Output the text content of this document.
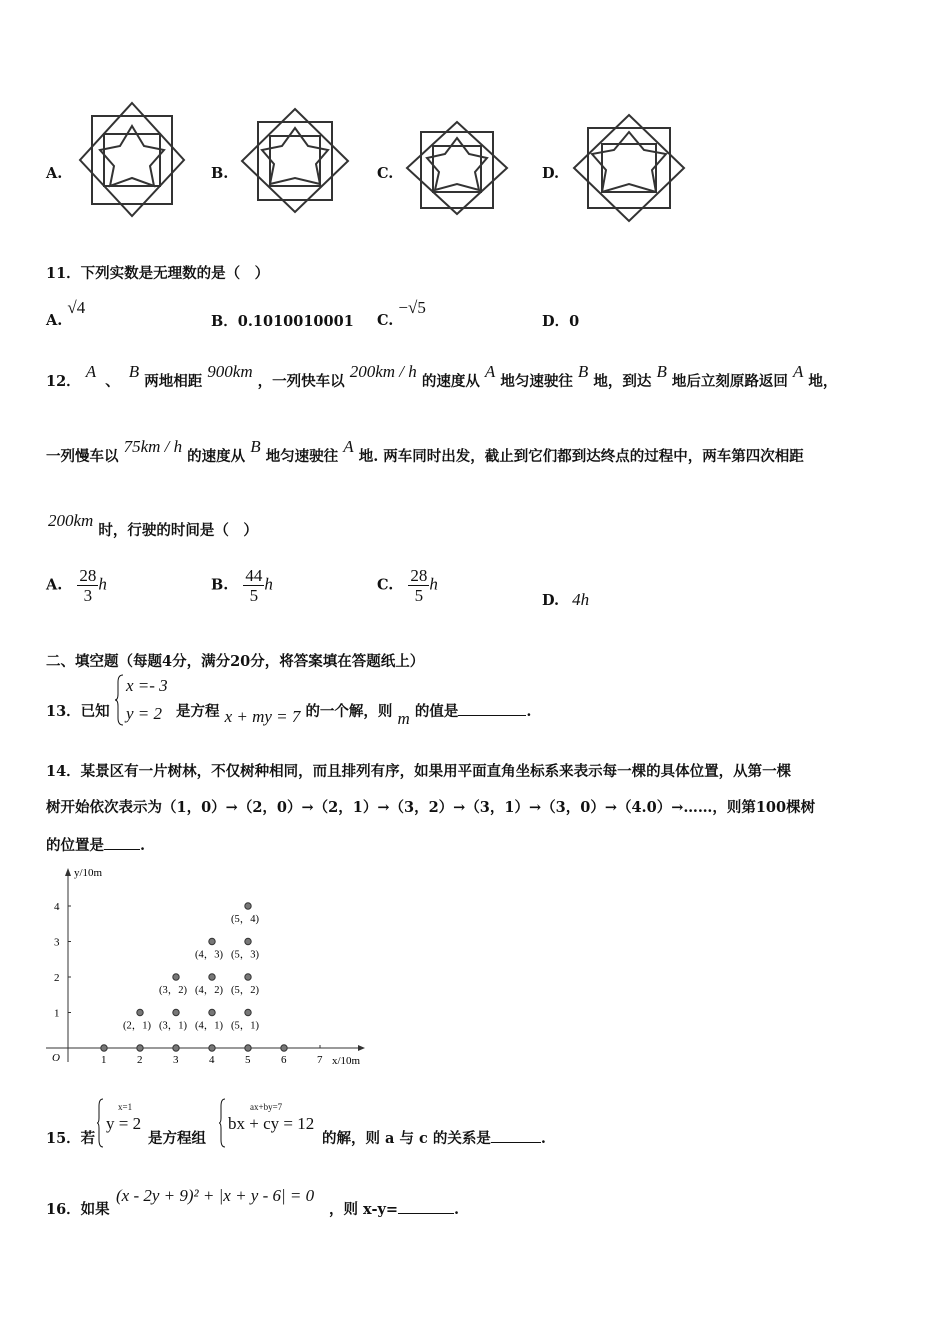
A.	B.	C.	D.
11．下列实数是无理数的是（　）
A. √4
B．0.1010010001 C. −√5
D．0
12． A 、 B 两地相距 900km ，一列快车以 200km / h 的速度从 A 地匀速驶往 B 地，到达 B 地后立刻原路返回 A 地，
一列慢车以 75km / h 的速度从 B 地匀速驶往 A 地. 两车同时出发，截止到它们都到达终点的过程中，两车第四次相距
200km 时，行驶的时间是（　）
A. $\frac{28}{3}$ h	B. $\frac{44}{5}$ h	C. $\frac{28}{5}$ h
D. 4h
二、填空题（每题4分，满分20分，将答案填在答题纸上）
13．已知
x =- 3
y = 2 是方程 x + my = 7 的一个解，则 m 的值是	.
14．某景区有一片树林，不仅树种相同，而且排列有序，如果用平面直角坐标系来表示每一棵的具体位置，从第一棵
树开始依次表示为（1，0）→（2，0）→（2，1）→（3，2）→（3，1）→（3，0）→（4.0）→……，则第100棵树
的位置是 .
y/10m
x/10m
O	1	2	3	4	5	6	7
1
2
3
4
(2，1) (3，1) (4，1) (5，1)
(3，2) (4，2) (5，2)
(4，3) (5，3)
(5，4)
15．若
x=1
y = 2
是方程组
ax+by=7
bx + cy = 12
的解，则 a 与 c 的关系是	.
16．如果
(x - 2y + 9)² + |x + y - 6| = 0
，则 x-y=	.
